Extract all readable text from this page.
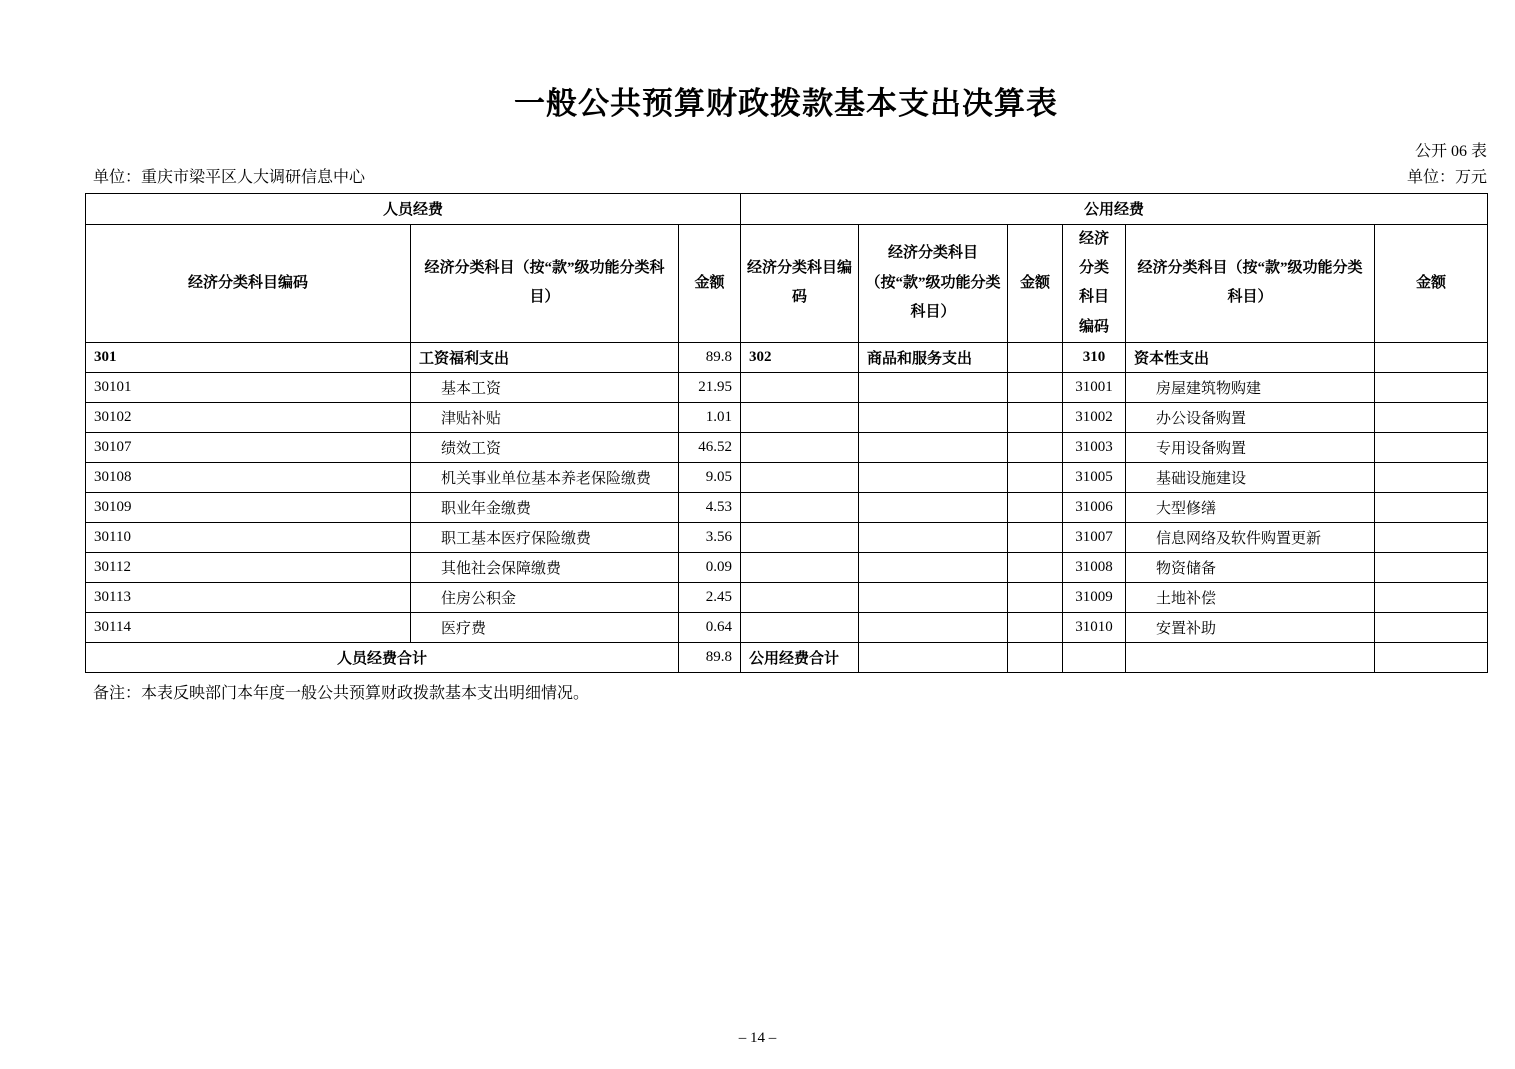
一般公共预算财政拨款基本支出决算表
公开 06 表
单位：重庆市梁平区人大调研信息中心	单位：万元
人员经费			公用经费					
经济分类科目编码	经济分类科目（按“款”级功能分类科目）	金额	经济分类科目编码	经济分类科目（按“款”级功能分类科目）	金额	经济分类科目编码	经济分类科目（按“款”级功能分类科目）	金额
301	工资福利支出	89.8	302	商品和服务支出		310	资本性支出	
30101	基本工资	21.95				31001	房屋建筑物购建	
30102	津贴补贴	1.01				31002	办公设备购置	
30107	绩效工资	46.52				31003	专用设备购置	
30108	机关事业单位基本养老保险缴费	9.05				31005	基础设施建设	
30109	职业年金缴费	4.53				31006	大型修缮	
30110	职工基本医疗保险缴费	3.56				31007	信息网络及软件购置更新	
30112	其他社会保障缴费	0.09				31008	物资储备	
30113	住房公积金	2.45				31009	土地补偿	
30114	医疗费	0.64				31010	安置补助	
人员经费合计		89.8	公用经费合计					
备注：本表反映部门本年度一般公共预算财政拨款基本支出明细情况。
– 14 –
